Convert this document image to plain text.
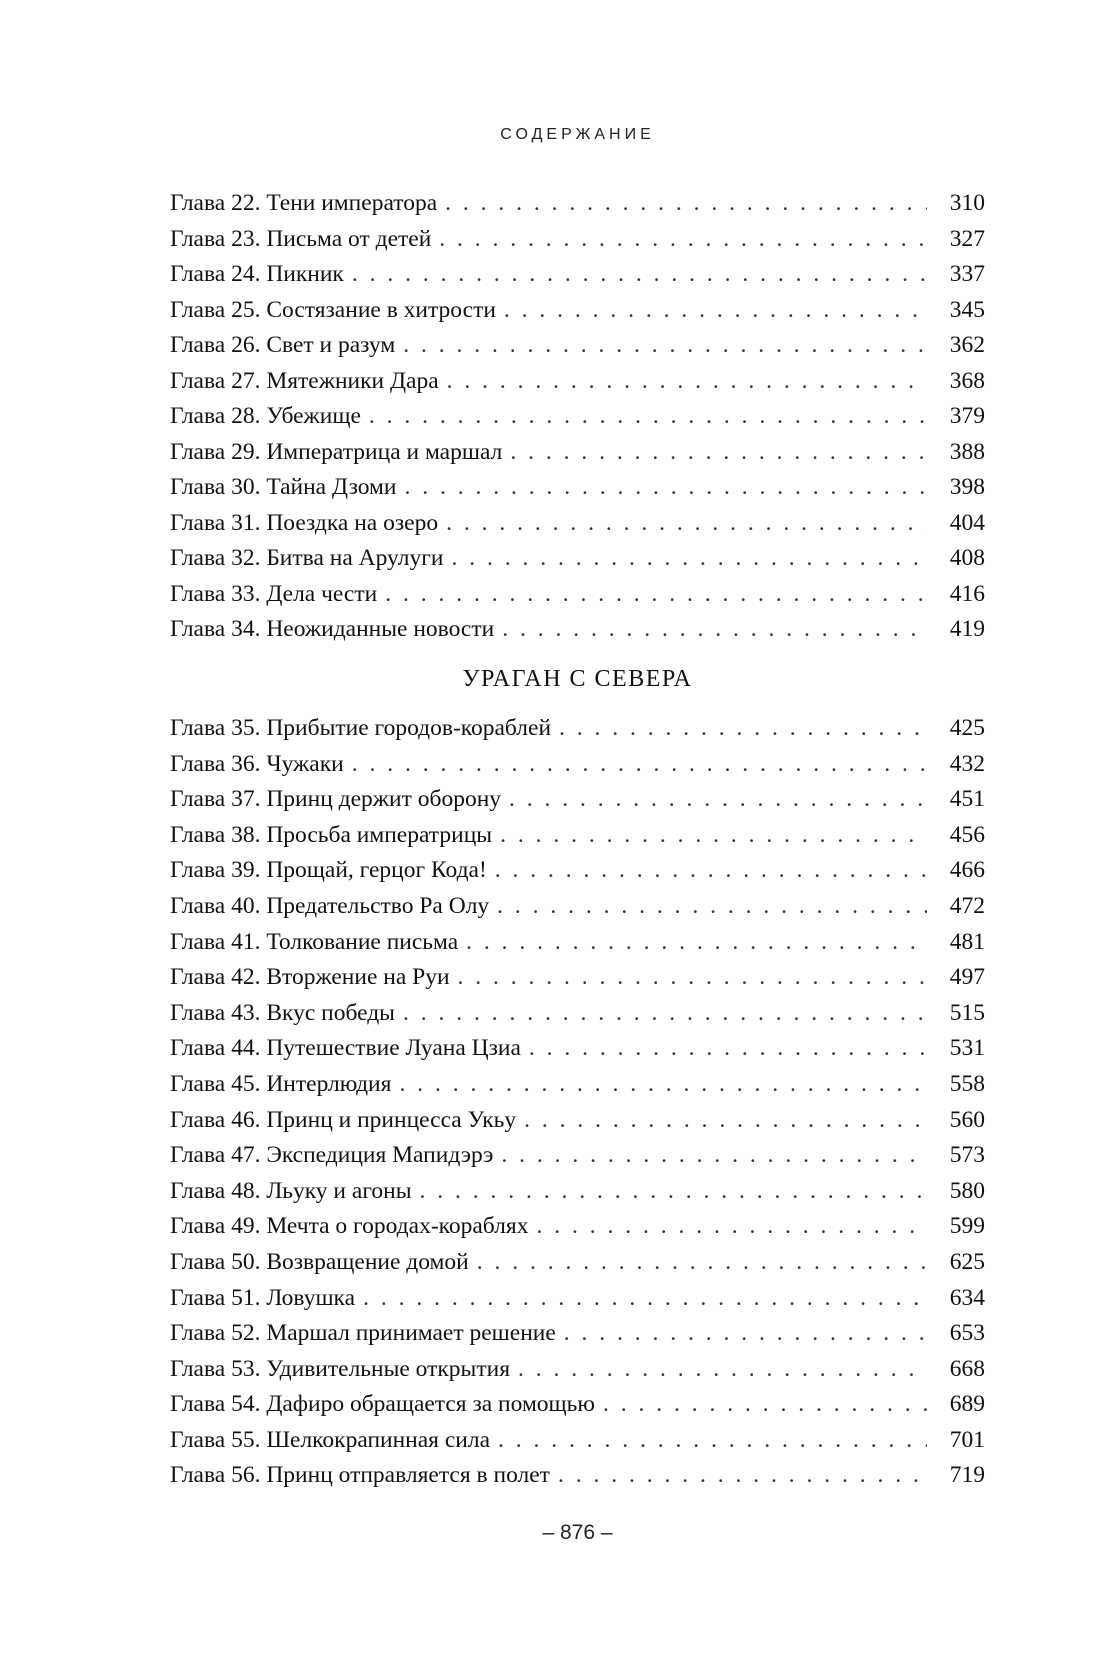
СОДЕРЖАНИЕ
Глава 22. Тени императора . . .	310
Глава 23. Письма от детей . . .	327
Глава 24. Пикник . . .	337
Глава 25. Состязание в хитрости . . .	345
Глава 26. Свет и разум . . .	362
Глава 27. Мятежники Дара . . .	368
Глава 28. Убежище . . .	379
Глава 29. Императрица и маршал . . .	388
Глава 30. Тайна Дзоми . . .	398
Глава 31. Поездка на озеро . . .	404
Глава 32. Битва на Арулуги . . .	408
Глава 33. Дела чести . . .	416
Глава 34. Неожиданные новости . . .	419
УРАГАН С СЕВЕРА
Глава 35. Прибытие городов-кораблей . . .	425
Глава 36. Чужаки . . .	432
Глава 37. Принц держит оборону . . .	451
Глава 38. Просьба императрицы . . .	456
Глава 39. Прощай, герцог Кода! . . .	466
Глава 40. Предательство Ра Олу . . .	472
Глава 41. Толкование письма . . .	481
Глава 42. Вторжение на Руи . . .	497
Глава 43. Вкус победы . . .	515
Глава 44. Путешествие Луана Цзиа . . .	531
Глава 45. Интерлюдия . . .	558
Глава 46. Принц и принцесса Укьу . . .	560
Глава 47. Экспедиция Мапидэрэ . . .	573
Глава 48. Льуку и агоны . . .	580
Глава 49. Мечта о городах-кораблях . . .	599
Глава 50. Возвращение домой . . .	625
Глава 51. Ловушка . . .	634
Глава 52. Маршал принимает решение . . .	653
Глава 53. Удивительные открытия . . .	668
Глава 54. Дафиро обращается за помощью . . .	689
Глава 55. Шелкокрапинная сила . . .	701
Глава 56. Принц отправляется в полет . . .	719
– 876 –
